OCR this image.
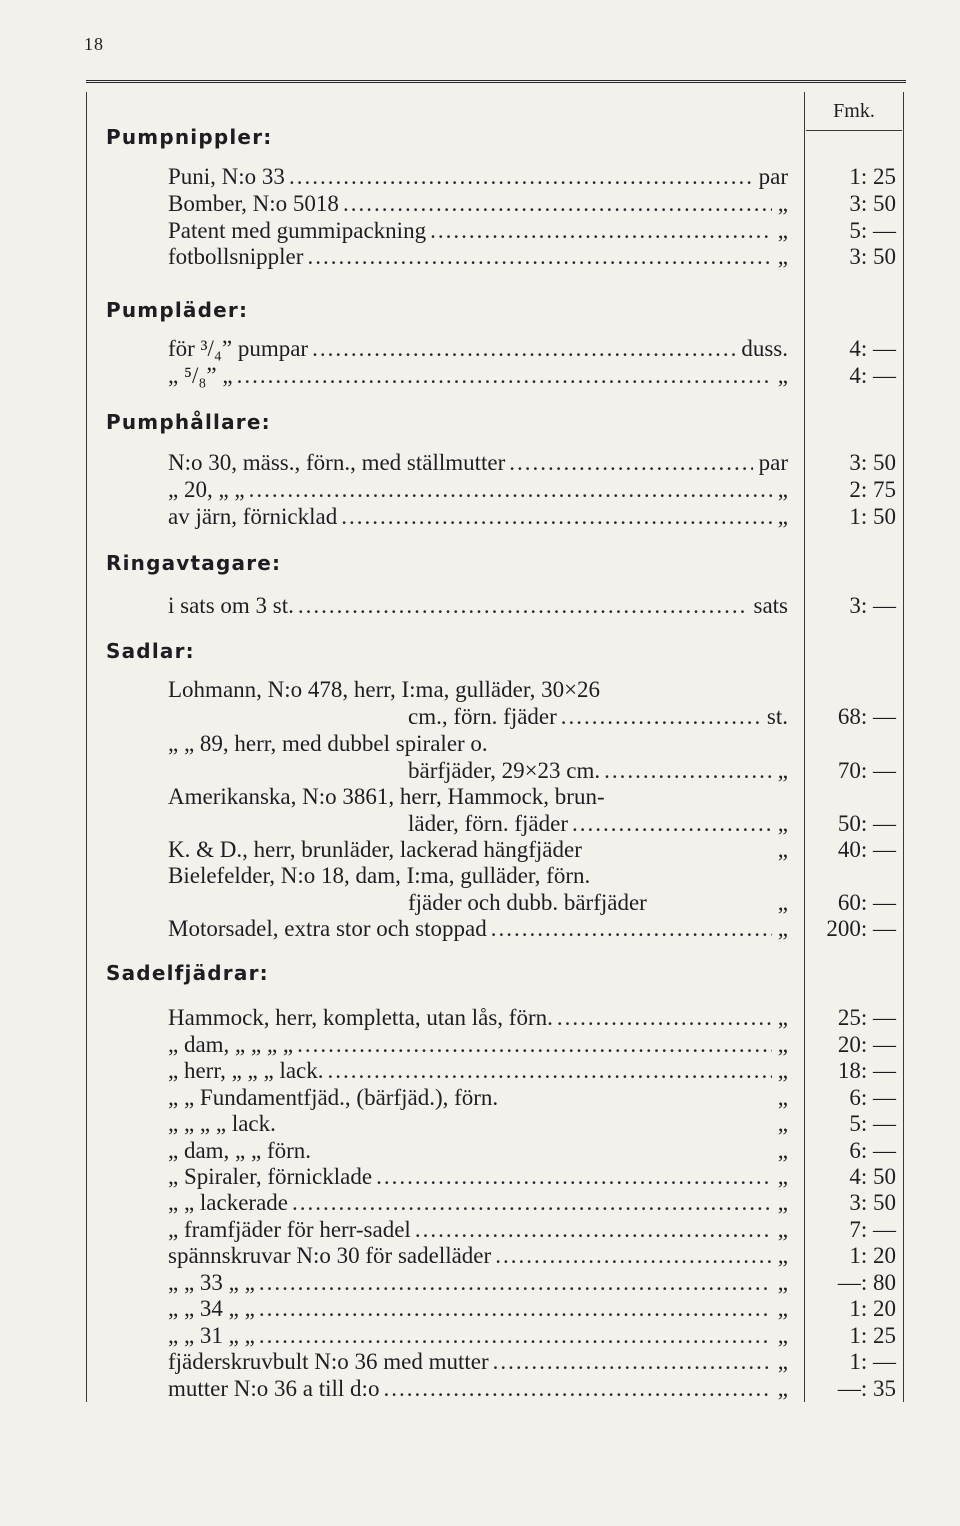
18
Fmk.
Pumpnippler:
Puni, N:o 33 .....	par	1: 25
Bomber, N:o 5018 .....	„	3: 50
Patent med gummipackning .....	„	5: —
fotbollsnippler .....	„	3: 50
Pumpläder:
för ³/₄” pumpar .....	duss.	4: —
„ ⁵/₈” „ .....	„	4: —
Pumphållare:
N:o 30, mäss., förn., med ställmutter .....	par	3: 50
„ 20, „ „ .....	„	2: 75
av järn, förnicklad .....	„	1: 50
Ringavtagare:
i sats om 3 st. .....	sats	3: —
Sadlar:
Lohmann, N:o 478, herr, I:ma, gulläder, 30×26
cm., förn. fjäder .....	st.	68: —
„ „ 89, herr, med dubbel spiraler o.
bärfjäder, 29×23 cm. .....	„	70: —
Amerikanska, N:o 3861, herr, Hammock, brun-
läder, förn. fjäder .....	„	50: —
K. & D., herr, brunläder, lackerad hängfjäder	„	40: —
Bielefelder, N:o 18, dam, I:ma, gulläder, förn.
fjäder och dubb. bärfjäder	„	60: —
Motorsadel, extra stor och stoppad .....	„	200: —
Sadelfjädrar:
Hammock, herr, kompletta, utan lås, förn. .....	„	25: —
„ dam, „ „ „ „ .....	„	20: —
„ herr, „ „ „ lack. .....	„	18: —
„ „ Fundamentfjäd., (bärfjäd.), förn.	„	6: —
„ „ „ „ lack.	„	5: —
„ dam, „ „ förn.	„	6: —
„ Spiraler, förnicklade .....	„	4: 50
„ „ lackerade .....	„	3: 50
„ framfjäder för herr-sadel .....	„	7: —
spännskruvar N:o 30 för sadelläder .....	„	1: 20
„ „ 33 „ „ .....	„	—: 80
„ „ 34 „ „ .....	„	1: 20
„ „ 31 „ „ .....	„	1: 25
fjäderskruvbult N:o 36 med mutter .....	„	1: —
mutter N:o 36 a till d:o .....	„	—: 35
